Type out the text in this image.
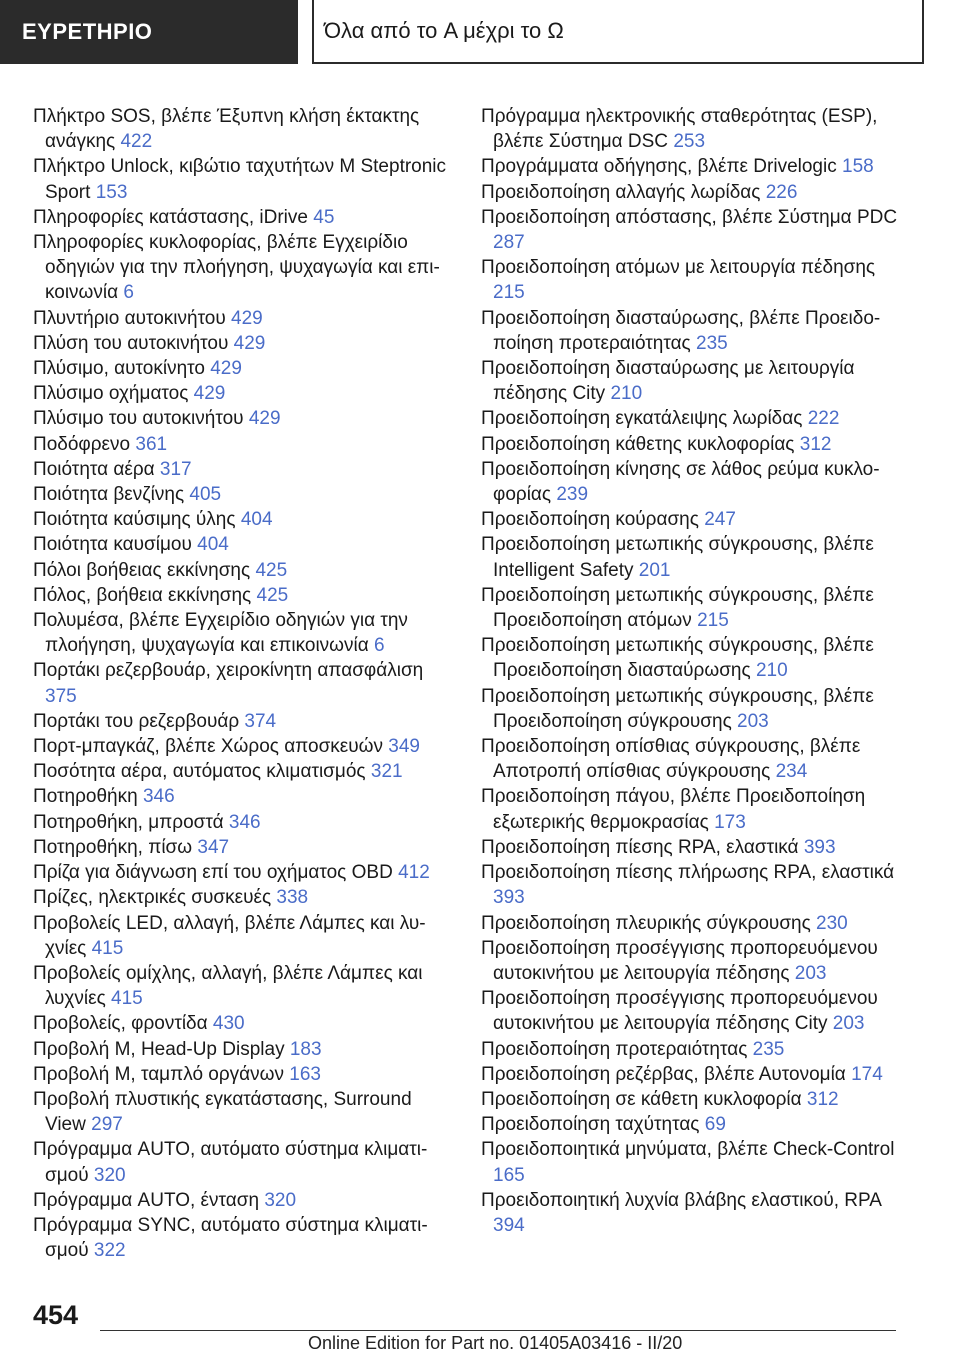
ΕΥΡΕΤΗΡΙΟ	Όλα από το A μέχρι το Ω
Πλήκτρο SOS, βλέπε Έξυπνη κλήση έκτακτης ανάγκης 422
Πλήκτρο Unlock, κιβώτιο ταχυτήτων M Steptronic Sport 153
Πληροφορίες κατάστασης, iDrive 45
Πληροφορίες κυκλοφορίας, βλέπε Εγχειρίδιο οδηγιών για την πλοήγηση, ψυχαγωγία και επικοινωνία 6
Πλυντήριο αυτοκινήτου 429
Πλύση του αυτοκινήτου 429
Πλύσιμο, αυτοκίνητο 429
Πλύσιμο οχήματος 429
Πλύσιμο του αυτοκινήτου 429
Ποδόφρενο 361
Ποιότητα αέρα 317
Ποιότητα βενζίνης 405
Ποιότητα καύσιμης ύλης 404
Ποιότητα καυσίμου 404
Πόλοι βοήθειας εκκίνησης 425
Πόλος, βοήθεια εκκίνησης 425
Πολυμέσα, βλέπε Εγχειρίδιο οδηγιών για την πλοήγηση, ψυχαγωγία και επικοινωνία 6
Πορτάκι ρεζερβουάρ, χειροκίνητη απασφάλιση 375
Πορτάκι του ρεζερβουάρ 374
Πορτ-μπαγκάζ, βλέπε Χώρος αποσκευών 349
Ποσότητα αέρα, αυτόματος κλιματισμός 321
Ποτηροθήκη 346
Ποτηροθήκη, μπροστά 346
Ποτηροθήκη, πίσω 347
Πρίζα για διάγνωση επί του οχήματος OBD 412
Πρίζες, ηλεκτρικές συσκευές 338
Προβολείς LED, αλλαγή, βλέπε Λάμπες και λυχνίες 415
Προβολείς ομίχλης, αλλαγή, βλέπε Λάμπες και λυχνίες 415
Προβολείς, φροντίδα 430
Προβολή M, Head-Up Display 183
Προβολή M, ταμπλό οργάνων 163
Προβολή πλυστικής εγκατάστασης, Surround View 297
Πρόγραμμα AUTO, αυτόματο σύστημα κλιματισμού 320
Πρόγραμμα AUTO, ένταση 320
Πρόγραμμα SYNC, αυτόματο σύστημα κλιματισμού 322
Πρόγραμμα ηλεκτρονικής σταθερότητας (ESP), βλέπε Σύστημα DSC 253
Προγράμματα οδήγησης, βλέπε Drivelogic 158
Προειδοποίηση αλλαγής λωρίδας 226
Προειδοποίηση απόστασης, βλέπε Σύστημα PDC 287
Προειδοποίηση ατόμων με λειτουργία πέδησης 215
Προειδοποίηση διασταύρωσης, βλέπε Προειδοποίηση προτεραιότητας 235
Προειδοποίηση διασταύρωσης με λειτουργία πέδησης City 210
Προειδοποίηση εγκατάλειψης λωρίδας 222
Προειδοποίηση κάθετης κυκλοφορίας 312
Προειδοποίηση κίνησης σε λάθος ρεύμα κυκλοφορίας 239
Προειδοποίηση κούρασης 247
Προειδοποίηση μετωπικής σύγκρουσης, βλέπε Intelligent Safety 201
Προειδοποίηση μετωπικής σύγκρουσης, βλέπε Προειδοποίηση ατόμων 215
Προειδοποίηση μετωπικής σύγκρουσης, βλέπε Προειδοποίηση διασταύρωσης 210
Προειδοποίηση μετωπικής σύγκρουσης, βλέπε Προειδοποίηση σύγκρουσης 203
Προειδοποίηση οπίσθιας σύγκρουσης, βλέπε Αποτροπή οπίσθιας σύγκρουσης 234
Προειδοποίηση πάγου, βλέπε Προειδοποίηση εξωτερικής θερμοκρασίας 173
Προειδοποίηση πίεσης RPA, ελαστικά 393
Προειδοποίηση πίεσης πλήρωσης RPA, ελαστικά 393
Προειδοποίηση πλευρικής σύγκρουσης 230
Προειδοποίηση προσέγγισης προπορευόμενου αυτοκινήτου με λειτουργία πέδησης 203
Προειδοποίηση προσέγγισης προπορευόμενου αυτοκινήτου με λειτουργία πέδησης City 203
Προειδοποίηση προτεραιότητας 235
Προειδοποίηση ρεζέρβας, βλέπε Αυτονομία 174
Προειδοποίηση σε κάθετη κυκλοφορία 312
Προειδοποίηση ταχύτητας 69
Προειδοποιητικά μηνύματα, βλέπε Check-Control 165
Προειδοποιητική λυχνία βλάβης ελαστικού, RPA 394
454
Online Edition for Part no. 01405A03416 - II/20
